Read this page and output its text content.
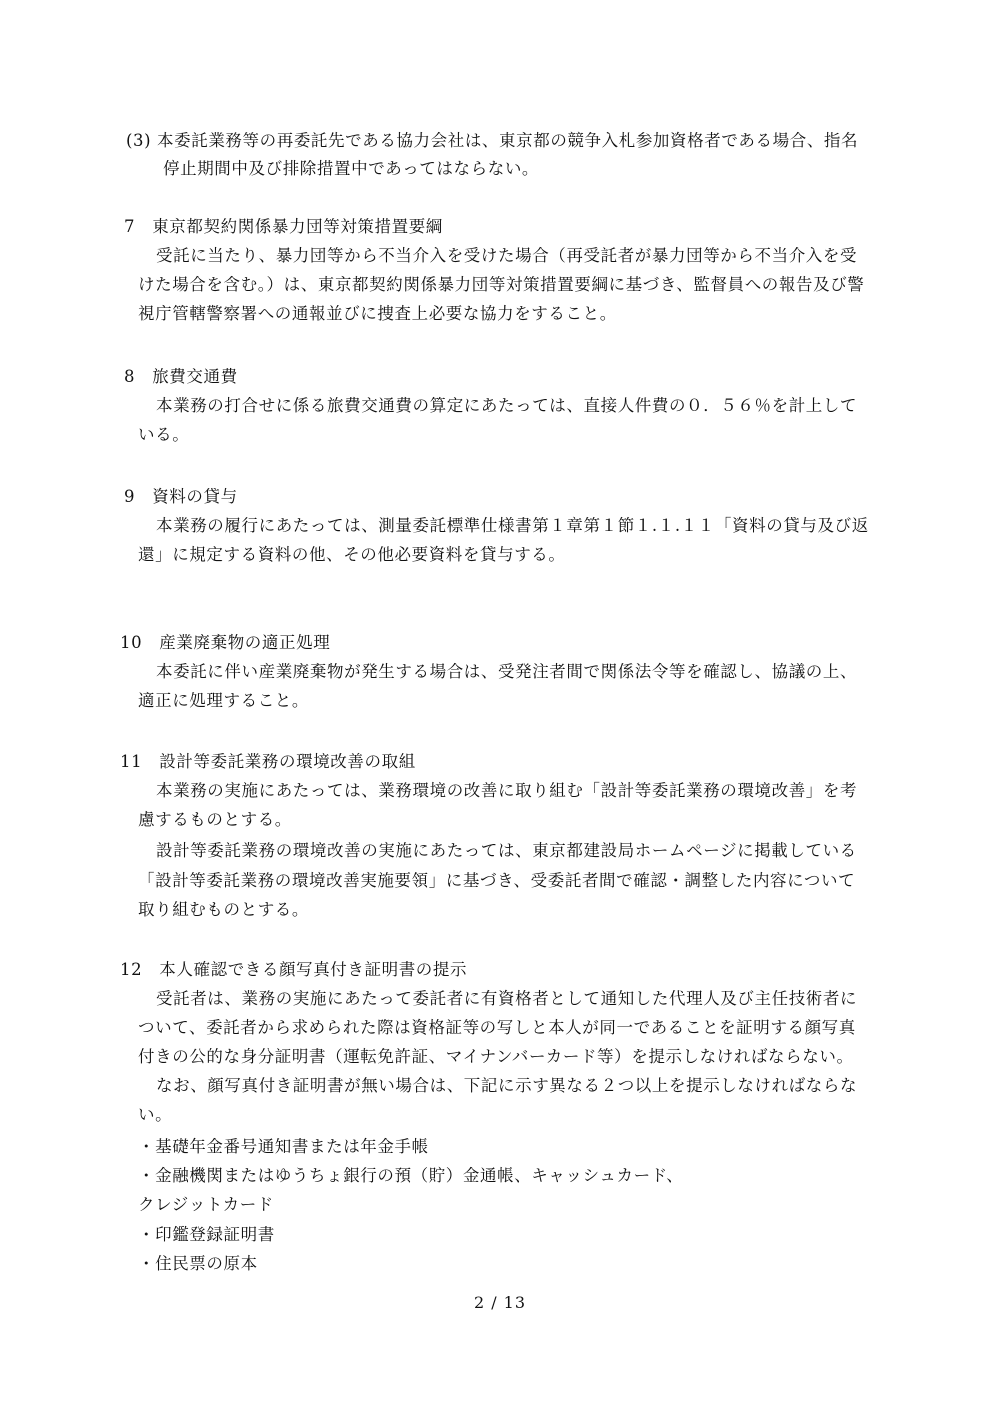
(3) 本委託業務等の再委託先である協力会社は、東京都の競争入札参加資格者である場合、指名
停止期間中及び排除措置中であってはならない。
7　東京都契約関係暴力団等対策措置要綱
受託に当たり、暴力団等から不当介入を受けた場合（再受託者が暴力団等から不当介入を受
けた場合を含む。）は、東京都契約関係暴力団等対策措置要綱に基づき、監督員への報告及び警
視庁管轄警察署への通報並びに捜査上必要な協力をすること。
8　旅費交通費
本業務の打合せに係る旅費交通費の算定にあたっては、直接人件費の０．５６％を計上して
いる。
9　資料の貸与
本業務の履行にあたっては、測量委託標準仕様書第１章第１節１.１.１１「資料の貸与及び返
還」に規定する資料の他、その他必要資料を貸与する。
10　産業廃棄物の適正処理
本委託に伴い産業廃棄物が発生する場合は、受発注者間で関係法令等を確認し、協議の上、
適正に処理すること。
11　設計等委託業務の環境改善の取組
本業務の実施にあたっては、業務環境の改善に取り組む「設計等委託業務の環境改善」を考
慮するものとする。
設計等委託業務の環境改善の実施にあたっては、東京都建設局ホームページに掲載している
「設計等委託業務の環境改善実施要領」に基づき、受委託者間で確認・調整した内容について
取り組むものとする。
12　本人確認できる顔写真付き証明書の提示
受託者は、業務の実施にあたって委託者に有資格者として通知した代理人及び主任技術者に
ついて、委託者から求められた際は資格証等の写しと本人が同一であることを証明する顔写真
付きの公的な身分証明書（運転免許証、マイナンバーカード等）を提示しなければならない。
なお、顔写真付き証明書が無い場合は、下記に示す異なる２つ以上を提示しなければならな
い。
・基礎年金番号通知書または年金手帳
・金融機関またはゆうちょ銀行の預（貯）金通帳、キャッシュカード、
クレジットカード
・印鑑登録証明書
・住民票の原本
2 / 13
